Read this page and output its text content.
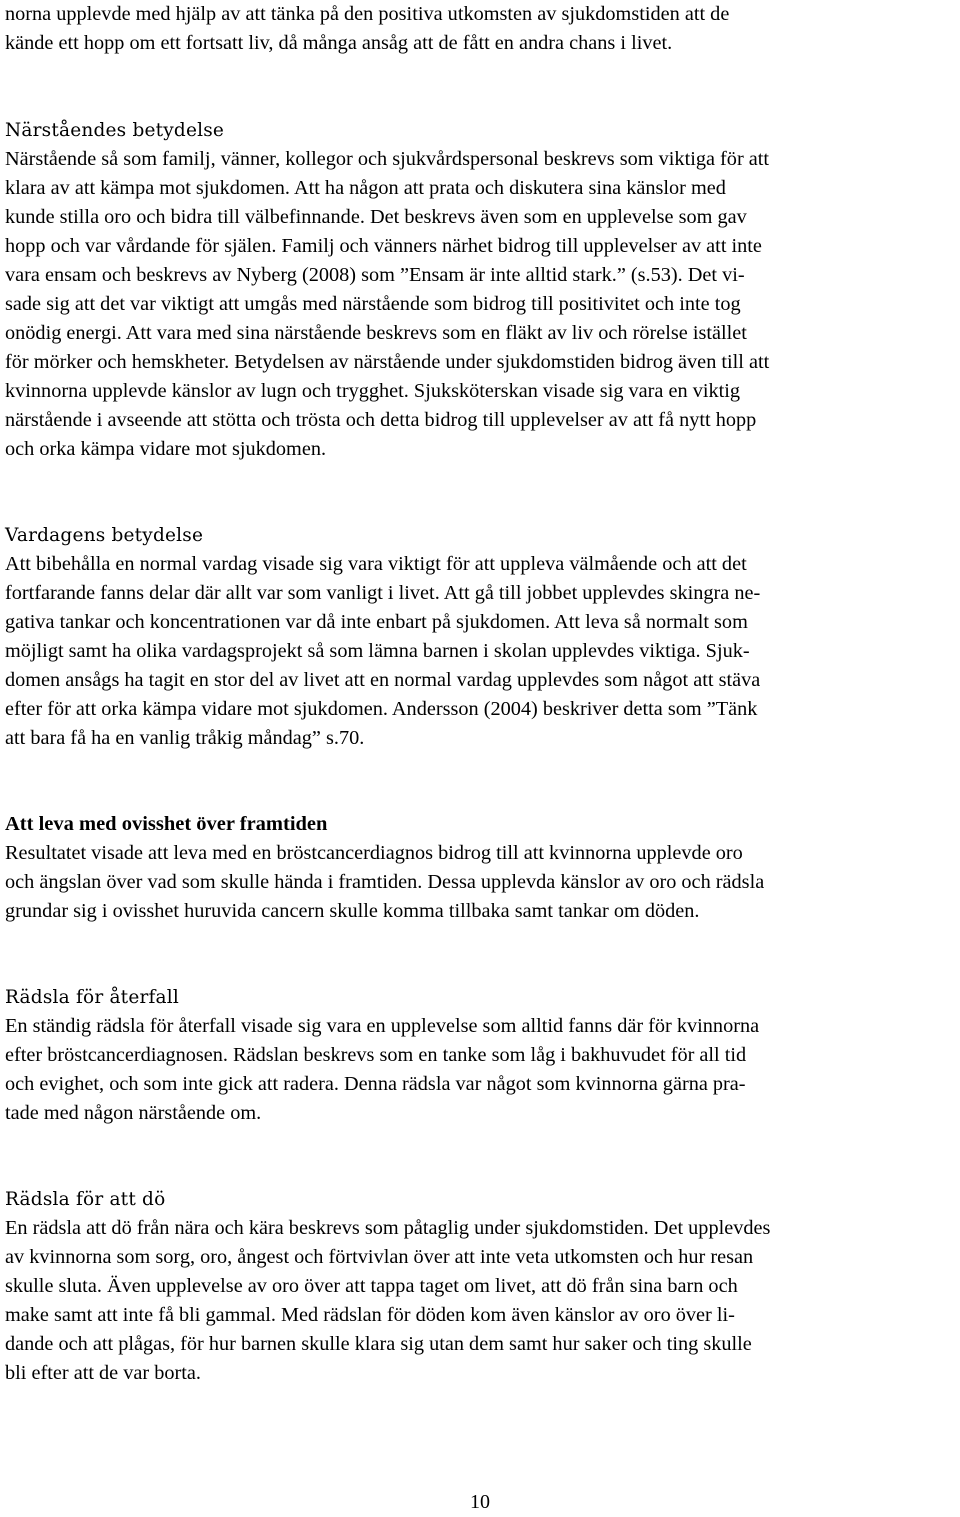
norna upplevde med hjälp av att tänka på den positiva utkomsten av sjukdomstiden att de
kände ett hopp om ett fortsatt liv, då många ansåg att de fått en andra chans i livet.
Närståendes betydelse
Närstående så som familj, vänner, kollegor och sjukvårdspersonal beskrevs som viktiga för att
klara av att kämpa mot sjukdomen. Att ha någon att prata och diskutera sina känslor med
kunde stilla oro och bidra till välbefinnande. Det beskrevs även som en upplevelse som gav
hopp och var vårdande för själen. Familj och vänners närhet bidrog till upplevelser av att inte
vara ensam och beskrevs av Nyberg (2008) som ”Ensam är inte alltid stark.” (s.53). Det vi-
sade sig att det var viktigt att umgås med närstående som bidrog till positivitet och inte tog
onödig energi. Att vara med sina närstående beskrevs som en fläkt av liv och rörelse istället
för mörker och hemskheter. Betydelsen av närstående under sjukdomstiden bidrog även till att
kvinnorna upplevde känslor av lugn och trygghet. Sjuksköterskan visade sig vara en viktig
närstående i avseende att stötta och trösta och detta bidrog till upplevelser av att få nytt hopp
och orka kämpa vidare mot sjukdomen.
Vardagens betydelse
Att bibehålla en normal vardag visade sig vara viktigt för att uppleva välmående och att det
fortfarande fanns delar där allt var som vanligt i livet. Att gå till jobbet upplevdes skingra ne-
gativa tankar och koncentrationen var då inte enbart på sjukdomen. Att leva så normalt som
möjligt samt ha olika vardagsprojekt så som lämna barnen i skolan upplevdes viktiga. Sjuk-
domen ansågs ha tagit en stor del av livet att en normal vardag upplevdes som något att stäva
efter för att orka kämpa vidare mot sjukdomen. Andersson (2004) beskriver detta som ”Tänk
att bara få ha en vanlig tråkig måndag” s.70.
Att leva med ovisshet över framtiden
Resultatet visade att leva med en bröstcancerdiagnos bidrog till att kvinnorna upplevde oro
och ängslan över vad som skulle hända i framtiden. Dessa upplevda känslor av oro och rädsla
grundar sig i ovisshet huruvida cancern skulle komma tillbaka samt tankar om döden.
Rädsla för återfall
En ständig rädsla för återfall visade sig vara en upplevelse som alltid fanns där för kvinnorna
efter bröstcancerdiagnosen. Rädslan beskrevs som en tanke som låg i bakhuvudet för all tid
och evighet, och som inte gick att radera. Denna rädsla var något som kvinnorna gärna pra-
tade med någon närstående om.
Rädsla för att dö
En rädsla att dö från nära och kära beskrevs som påtaglig under sjukdomstiden. Det upplevdes
av kvinnorna som sorg, oro, ångest och förtvivlan över att inte veta utkomsten och hur resan
skulle sluta. Även upplevelse av oro över att tappa taget om livet, att dö från sina barn och
make samt att inte få bli gammal. Med rädslan för döden kom även känslor av oro över li-
dande och att plågas, för hur barnen skulle klara sig utan dem samt hur saker och ting skulle
bli efter att de var borta.
10
